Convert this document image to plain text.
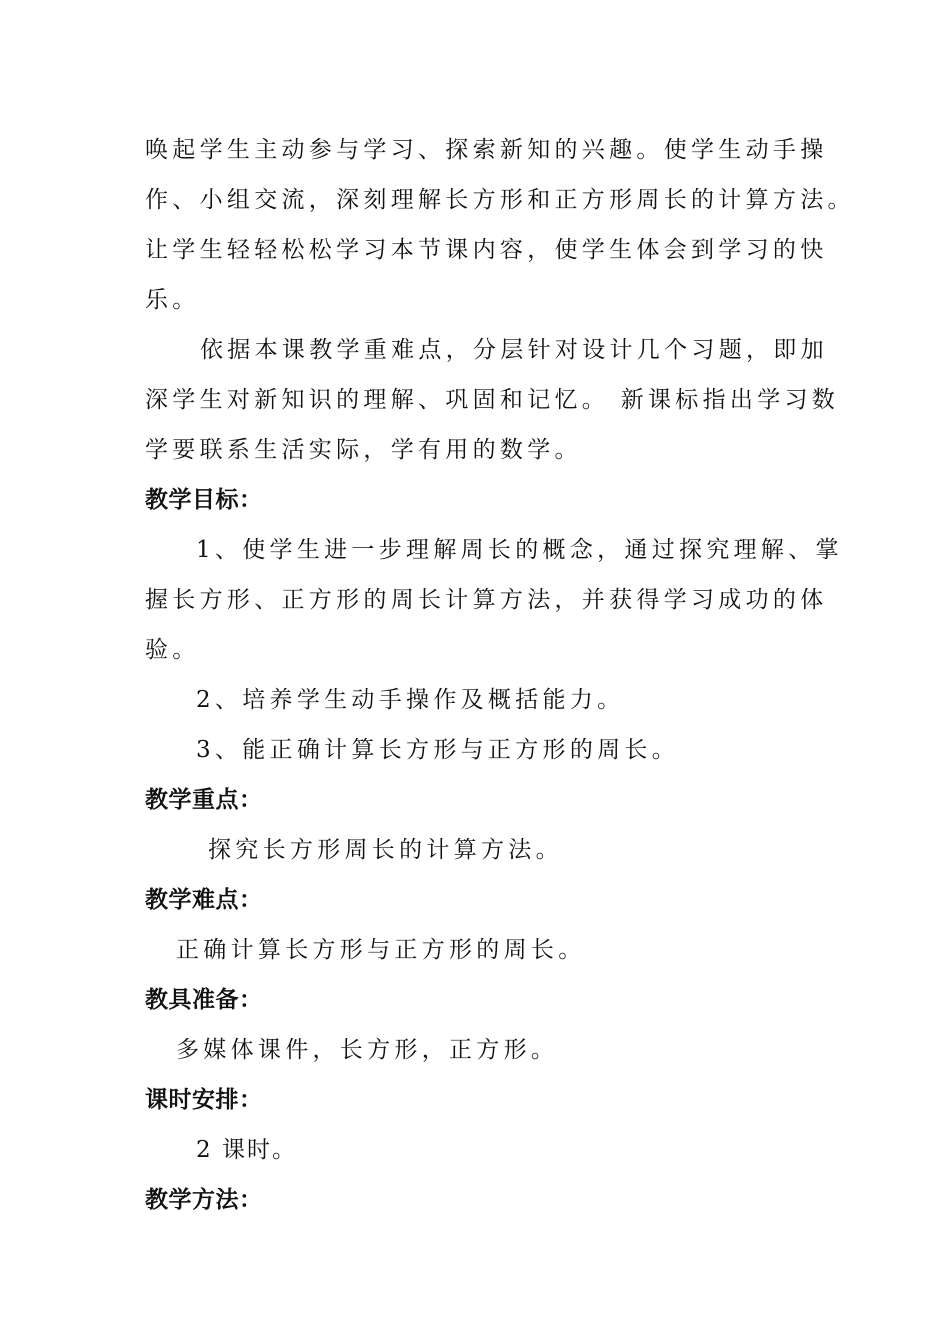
唤起学生主动参与学习、探索新知的兴趣。使学生动手操
作、小组交流，深刻理解长方形和正方形周长的计算方法。
让学生轻轻松松学习本节课内容，使学生体会到学习的快
乐。
依据本课教学重难点，分层针对设计几个习题，即加
深学生对新知识的理解、巩固和记忆。 新课标指出学习数
学要联系生活实际，学有用的数学。
教学目标：
1、使学生进一步理解周长的概念，通过探究理解、掌
握长方形、正方形的周长计算方法，并获得学习成功的体
验。
2、培养学生动手操作及概括能力。
3、能正确计算长方形与正方形的周长。
教学重点：
探究长方形周长的计算方法。
教学难点：
正确计算长方形与正方形的周长。
教具准备：
多媒体课件，长方形，正方形。
课时安排：
2 课时。
教学方法：
